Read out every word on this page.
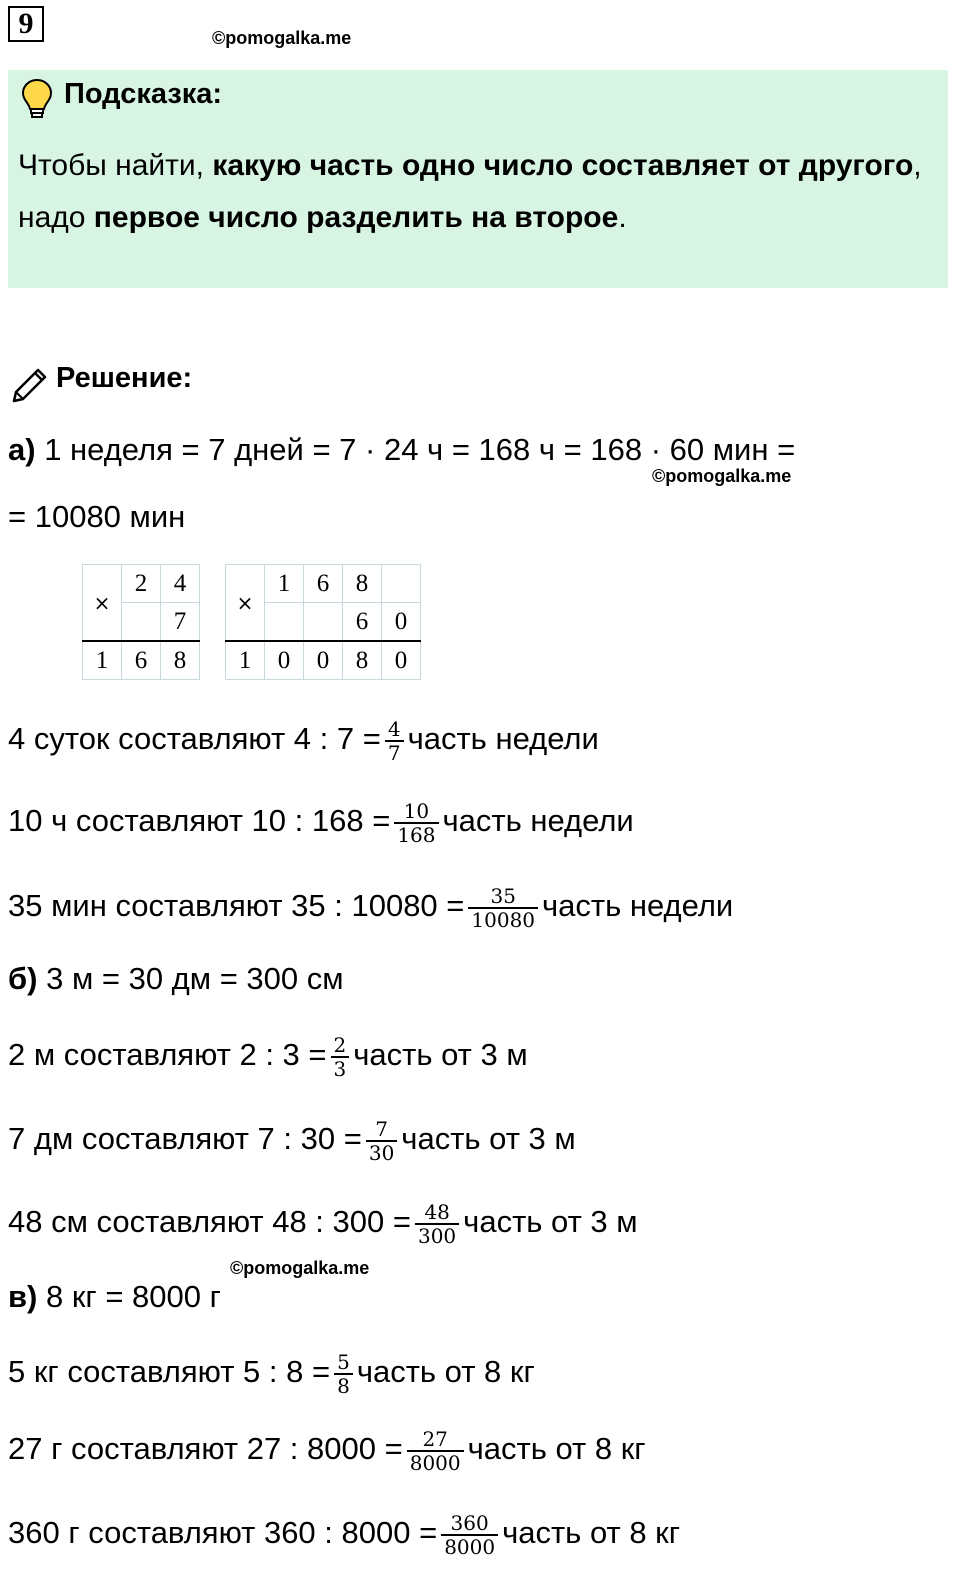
9	©pomogalka.me
Подсказка:
Чтобы найти, какую часть одно число составляет от другого, надо первое число разделить на второе.
Решение:
а) 1 неделя = 7 дней = 7 · 24 ч = 168 ч = 168 · 60 мин =
©pomogalka.me
= 10080 мин
×	2	4
		7
1	6	8
×	1	6	8	
			6	0
1	0	0	8	0
4 суток составляют 4 : $7 = \frac{4}{7}$ часть недели
10 ч составляют 10 : $168 = \frac{10}{168}$ часть недели
35 мин составляют 35 : $10080 = \frac{35}{10080}$ часть недели
б) 3 м = 30 дм = 300 см
2 м составляют 2 : $3 = \frac{2}{3}$ часть от 3 м
7 дм составляют 7 : $30 = \frac{7}{30}$ часть от 3 м
48 см составляют 48 : $300 = \frac{48}{300}$ часть от 3 м
©pomogalka.me
в) 8 кг = 8000 г
5 кг составляют 5 : $8 = \frac{5}{8}$ часть от 8 кг
27 г составляют 27 : $8000 = \frac{27}{8000}$ часть от 8 кг
360 г составляют 360 : $8000 = \frac{360}{8000}$ часть от 8 кг
